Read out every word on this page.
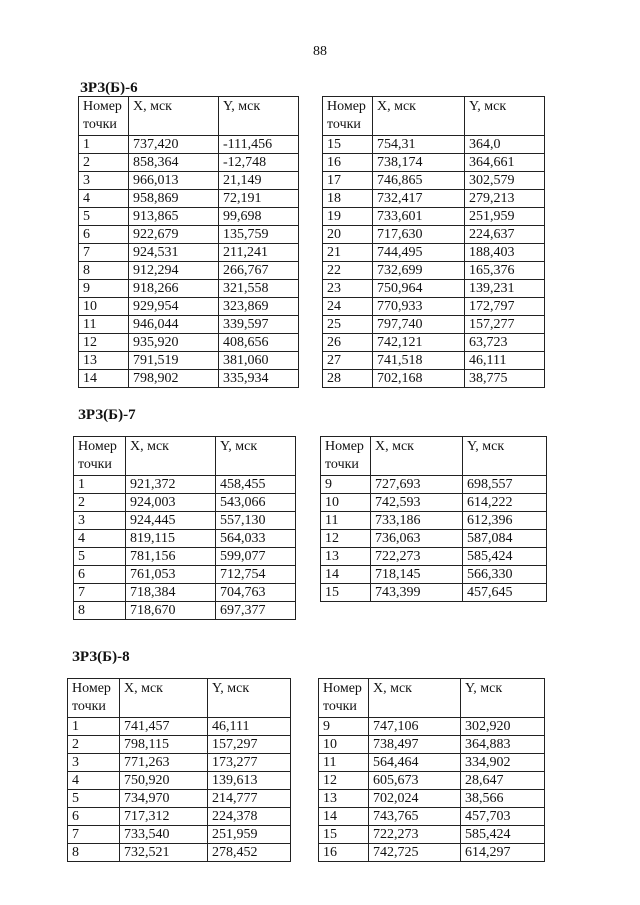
88
ЗРЗ(Б)-6
ЗРЗ(Б)-7
ЗРЗ(Б)-8
Номер
точки	X, мск	Y, мск
1	737,420	-111,456
2	858,364	-12,748
3	966,013	21,149
4	958,869	72,191
5	913,865	99,698
6	922,679	135,759
7	924,531	211,241
8	912,294	266,767
9	918,266	321,558
10	929,954	323,869
11	946,044	339,597
12	935,920	408,656
13	791,519	381,060
14	798,902	335,934
Номер
точки	X, мск	Y, мск
15	754,31	364,0
16	738,174	364,661
17	746,865	302,579
18	732,417	279,213
19	733,601	251,959
20	717,630	224,637
21	744,495	188,403
22	732,699	165,376
23	750,964	139,231
24	770,933	172,797
25	797,740	157,277
26	742,121	63,723
27	741,518	46,111
28	702,168	38,775
Номер
точки	X, мск	Y, мск
1	921,372	458,455
2	924,003	543,066
3	924,445	557,130
4	819,115	564,033
5	781,156	599,077
6	761,053	712,754
7	718,384	704,763
8	718,670	697,377
Номер
точки	X, мск	Y, мск
9	727,693	698,557
10	742,593	614,222
11	733,186	612,396
12	736,063	587,084
13	722,273	585,424
14	718,145	566,330
15	743,399	457,645
Номер
точки	X, мск	Y, мск
1	741,457	46,111
2	798,115	157,297
3	771,263	173,277
4	750,920	139,613
5	734,970	214,777
6	717,312	224,378
7	733,540	251,959
8	732,521	278,452
Номер
точки	X, мск	Y, мск
9	747,106	302,920
10	738,497	364,883
11	564,464	334,902
12	605,673	28,647
13	702,024	38,566
14	743,765	457,703
15	722,273	585,424
16	742,725	614,297
